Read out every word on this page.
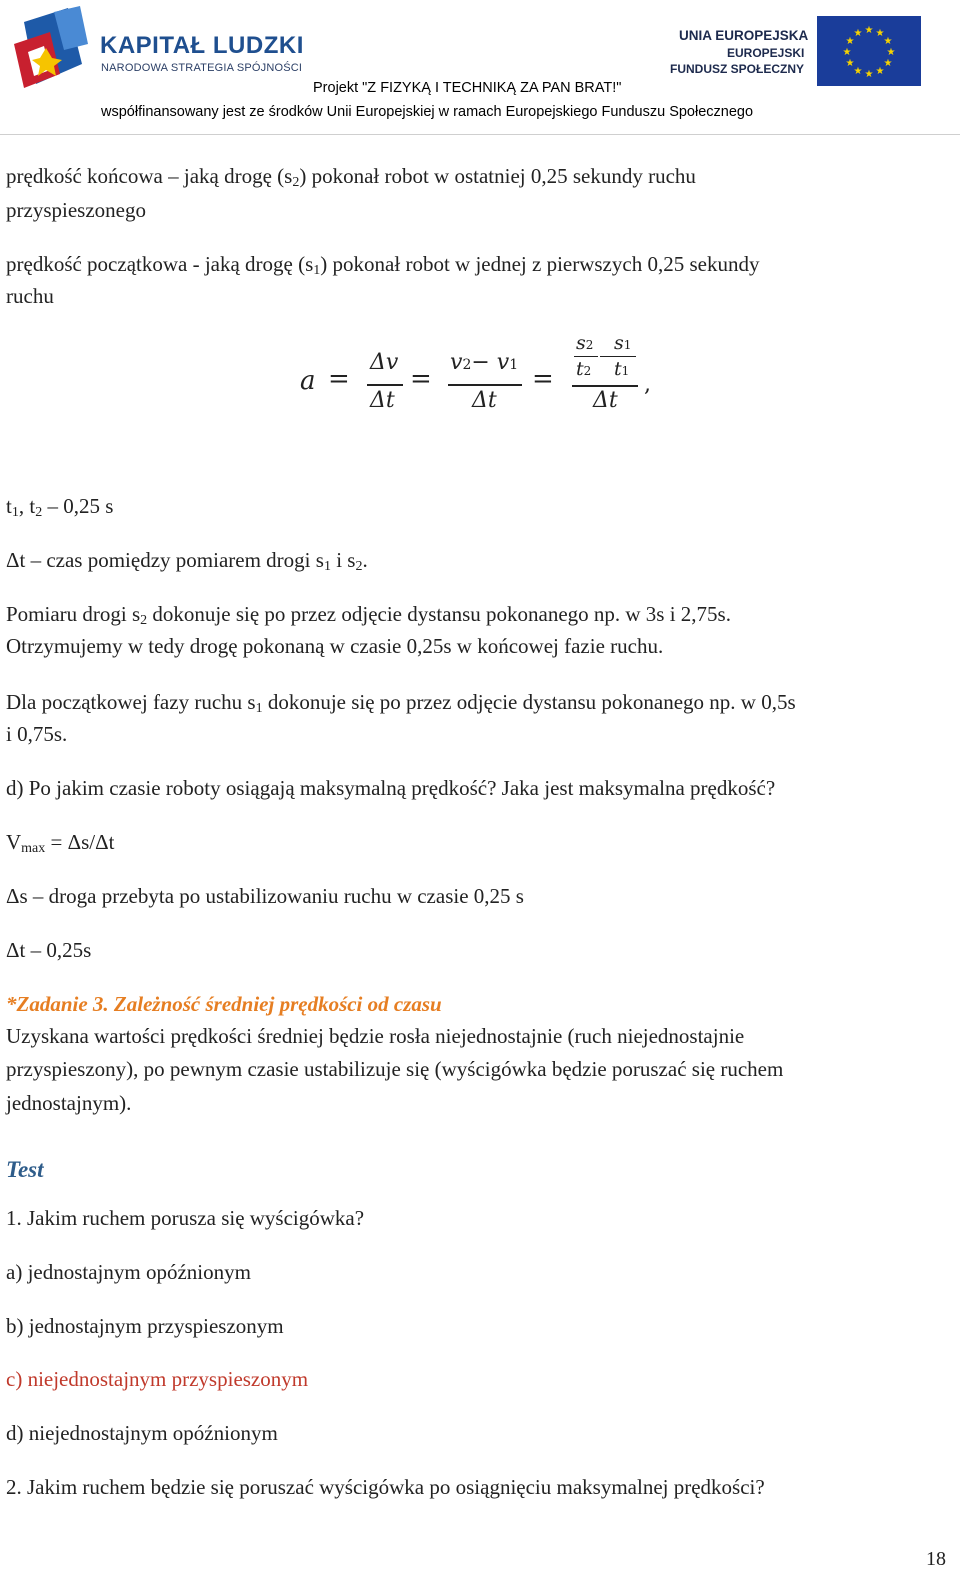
KAPITAŁ LUDZKI
NARODOWA STRATEGIA SPÓJNOŚCI
UNIA EUROPEJSKA
EUROPEJSKI
FUNDUSZ SPOŁECZNY
★ ★
★
★
★
★
★
★
★
★
★
★
Projekt "Z FIZYKĄ I TECHNIKĄ ZA PAN BRAT!"
współfinansowany jest ze środków Unii Europejskiej w ramach Europejskiego Funduszu Społecznego
prędkość końcowa – jaką drogę $(s_2)$ pokonał robot w ostatniej 0,25 sekundy ruchu
przyspieszonego
prędkość początkowa - jaką drogę $(s_1)$ pokonał robot w jednej z pierwszych 0,25 sekundy
ruchu
a =
Δv
Δt
=
v2− v1
Δt
=
s2 s1
t2 t1
Δt
,
$t_1$, $t_2 - 0,25$ s
Δt – czas pomiędzy pomiarem drogi $s_1$ i $s_2$.
Pomiaru drogi $s_2$ dokonuje się po przez odjęcie dystansu pokonanego np. w 3s i 2,75s.
Otrzymujemy w tedy drogę pokonaną w czasie 0,25s w końcowej fazie ruchu.
Dla początkowej fazy ruchu $s_1$ dokonuje się po przez odjęcie dystansu pokonanego np. w 0,5s
i 0,75s.
d) Po jakim czasie roboty osiągają maksymalną prędkość? Jaka jest maksymalna prędkość?
$V_{max} = \Delta s/\Delta t$
Δs – droga przebyta po ustabilizowaniu ruchu w czasie 0,25 s
Δt – 0,25s
*Zadanie 3. Zależność średniej prędkości od czasu
Uzyskana wartości prędkości średniej będzie rosła niejednostajnie (ruch niejednostajnie
przyspieszony), po pewnym czasie ustabilizuje się (wyścigówka będzie poruszać się ruchem
jednostajnym).
Test
1. Jakim ruchem porusza się wyścigówka?
a) jednostajnym opóźnionym
b) jednostajnym przyspieszonym
c) niejednostajnym przyspieszonym
d) niejednostajnym opóźnionym
2. Jakim ruchem będzie się poruszać wyścigówka po osiągnięciu maksymalnej prędkości?
18
